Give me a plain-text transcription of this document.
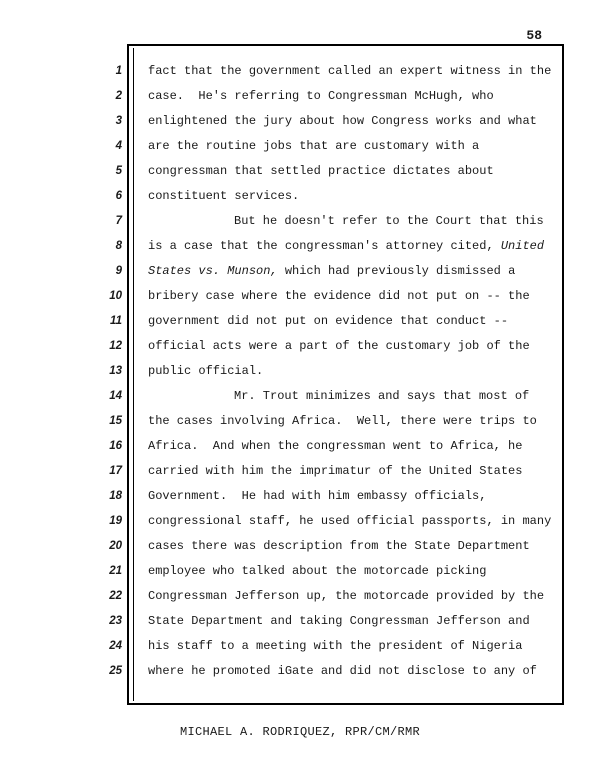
58
1
2
3
4
5
6
7
8
9
10
11
12
13
14
15
16
17
18
19
20
21
22
23
24
25
fact that the government called an expert witness in the
case.  He's referring to Congressman McHugh, who
enlightened the jury about how Congress works and what
are the routine jobs that are customary with a
congressman that settled practice dictates about
constituent services.
But he doesn't refer to the Court that this
is a case that the congressman's attorney cited, United
States vs. Munson, which had previously dismissed a
bribery case where the evidence did not put on -- the
government did not put on evidence that conduct --
official acts were a part of the customary job of the
public official.
Mr. Trout minimizes and says that most of
the cases involving Africa.  Well, there were trips to
Africa.  And when the congressman went to Africa, he
carried with him the imprimatur of the United States
Government.  He had with him embassy officials,
congressional staff, he used official passports, in many
cases there was description from the State Department
employee who talked about the motorcade picking
Congressman Jefferson up, the motorcade provided by the
State Department and taking Congressman Jefferson and
his staff to a meeting with the president of Nigeria
where he promoted iGate and did not disclose to any of
MICHAEL A. RODRIQUEZ, RPR/CM/RMR
